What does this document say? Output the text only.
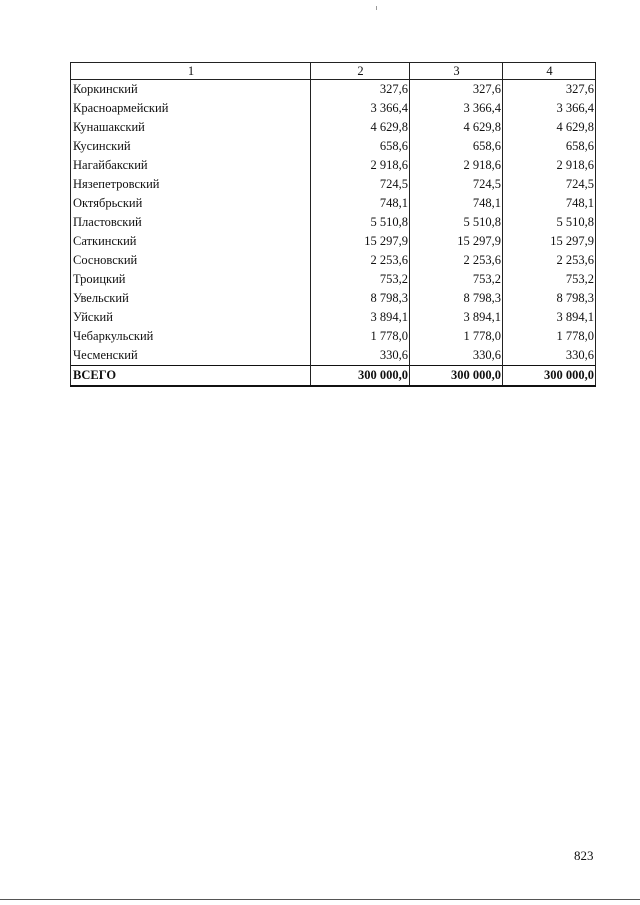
1	2	3	4
Коркинский	327,6	327,6	327,6
Красноармейский	3 366,4	3 366,4	3 366,4
Кунашакский	4 629,8	4 629,8	4 629,8
Кусинский	658,6	658,6	658,6
Нагайбакский	2 918,6	2 918,6	2 918,6
Нязепетровский	724,5	724,5	724,5
Октябрьский	748,1	748,1	748,1
Пластовский	5 510,8	5 510,8	5 510,8
Саткинский	15 297,9	15 297,9	15 297,9
Сосновский	2 253,6	2 253,6	2 253,6
Троицкий	753,2	753,2	753,2
Увельский	8 798,3	8 798,3	8 798,3
Уйский	3 894,1	3 894,1	3 894,1
Чебаркульский	1 778,0	1 778,0	1 778,0
Чесменский	330,6	330,6	330,6
ВСЕГО	300 000,0	300 000,0	300 000,0
823
